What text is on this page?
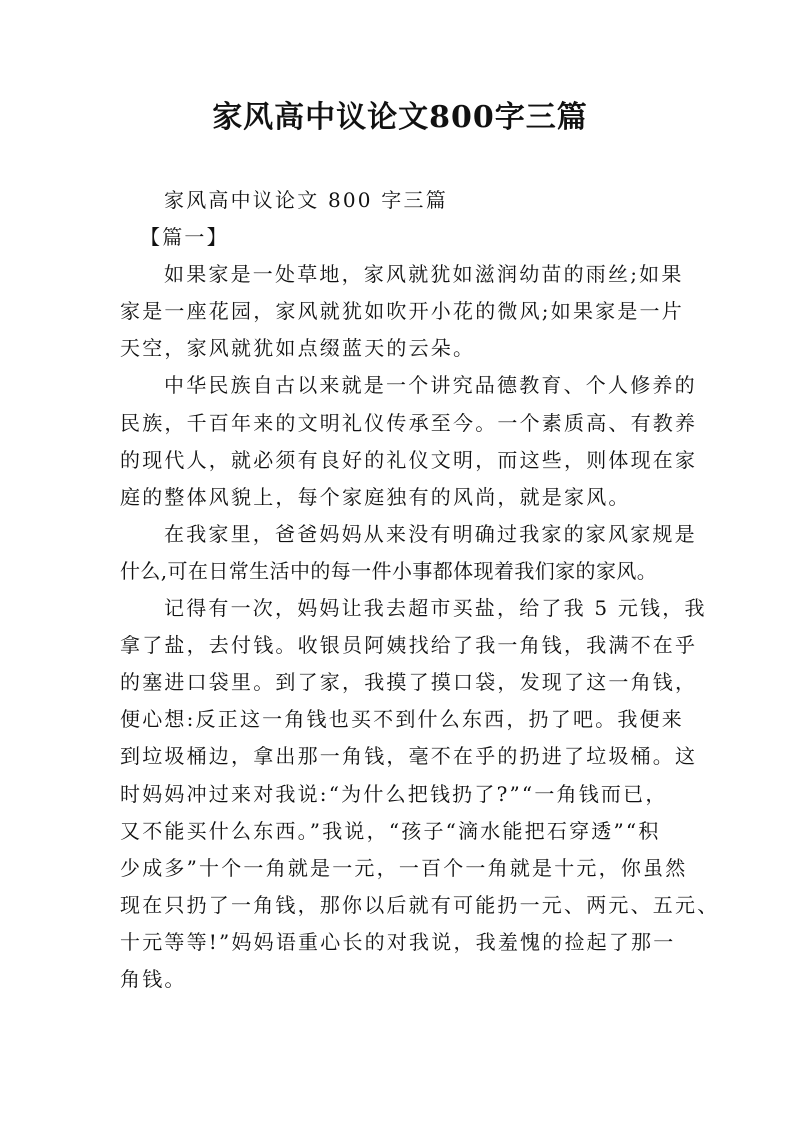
家风高中议论文800字三篇

家风高中议论文 800 字三篇

【篇一】

如果家是一处草地，家风就犹如滋润幼苗的雨丝;如果

家是一座花园，家风就犹如吹开小花的微风;如果家是一片

天空，家风就犹如点缀蓝天的云朵。

中华民族自古以来就是一个讲究品德教育、个人修养的

民族，千百年来的文明礼仪传承至今。一个素质高、有教养

的现代人，就必须有良好的礼仪文明，而这些，则体现在家

庭的整体风貌上，每个家庭独有的风尚，就是家风。

在我家里，爸爸妈妈从来没有明确过我家的家风家规是

什么,可在日常生活中的每一件小事都体现着我们家的家风。

记得有一次，妈妈让我去超市买盐，给了我 5 元钱，我

拿了盐，去付钱。收银员阿姨找给了我一角钱，我满不在乎

的塞进口袋里。到了家，我摸了摸口袋，发现了这一角钱，

便心想:反正这一角钱也买不到什么东西，扔了吧。我便来

到垃圾桶边，拿出那一角钱，毫不在乎的扔进了垃圾桶。这

时妈妈冲过来对我说:“为什么把钱扔了?”“一角钱而已，

又不能买什么东西。”我说，“孩子“滴水能把石穿透”“积

少成多”十个一角就是一元，一百个一角就是十元，你虽然

现在只扔了一角钱，那你以后就有可能扔一元、两元、五元、

十元等等!”妈妈语重心长的对我说，我羞愧的捡起了那一

角钱。
